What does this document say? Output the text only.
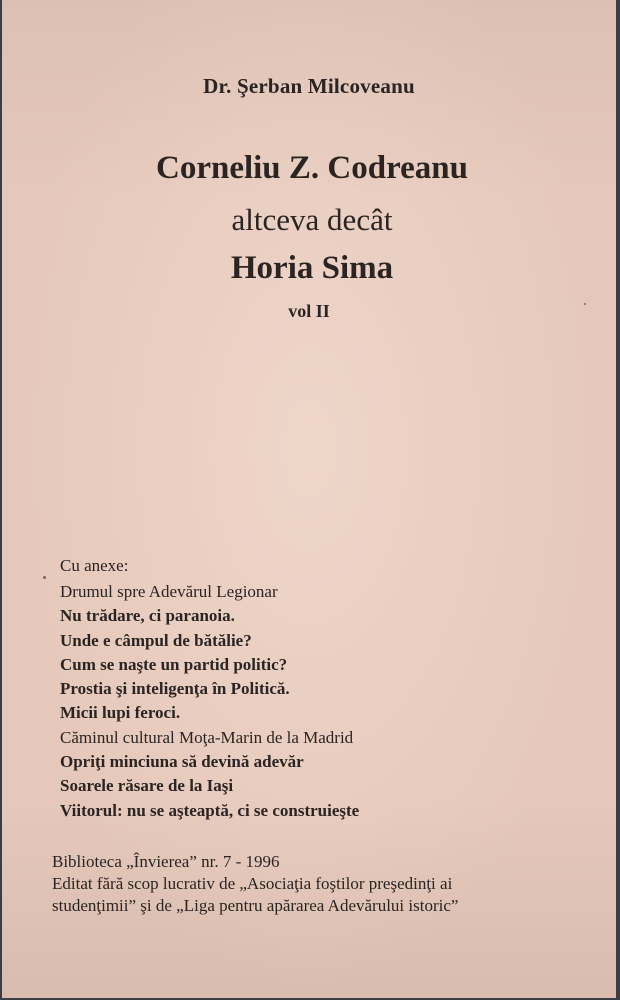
Dr. Şerban Milcoveanu
Corneliu Z. Codreanu
altceva decât
Horia Sima
vol II
Cu anexe:
Drumul spre Adevărul Legionar
Nu trădare, ci paranoia.
Unde e câmpul de bătălie?
Cum se naşte un partid politic?
Prostia şi inteligenţa în Politică.
Micii lupi feroci.
Căminul cultural Moţa-Marin de la Madrid
Opriţi minciuna să devină adevăr
Soarele răsare de la Iaşi
Viitorul: nu se aşteaptă, ci se construieşte
Biblioteca „Învierea” nr. 7 - 1996
Editat fără scop lucrativ de „Asociaţia foştilor preşedinţi ai
studenţimii” şi de „Liga pentru apărarea Adevărului istoric”
